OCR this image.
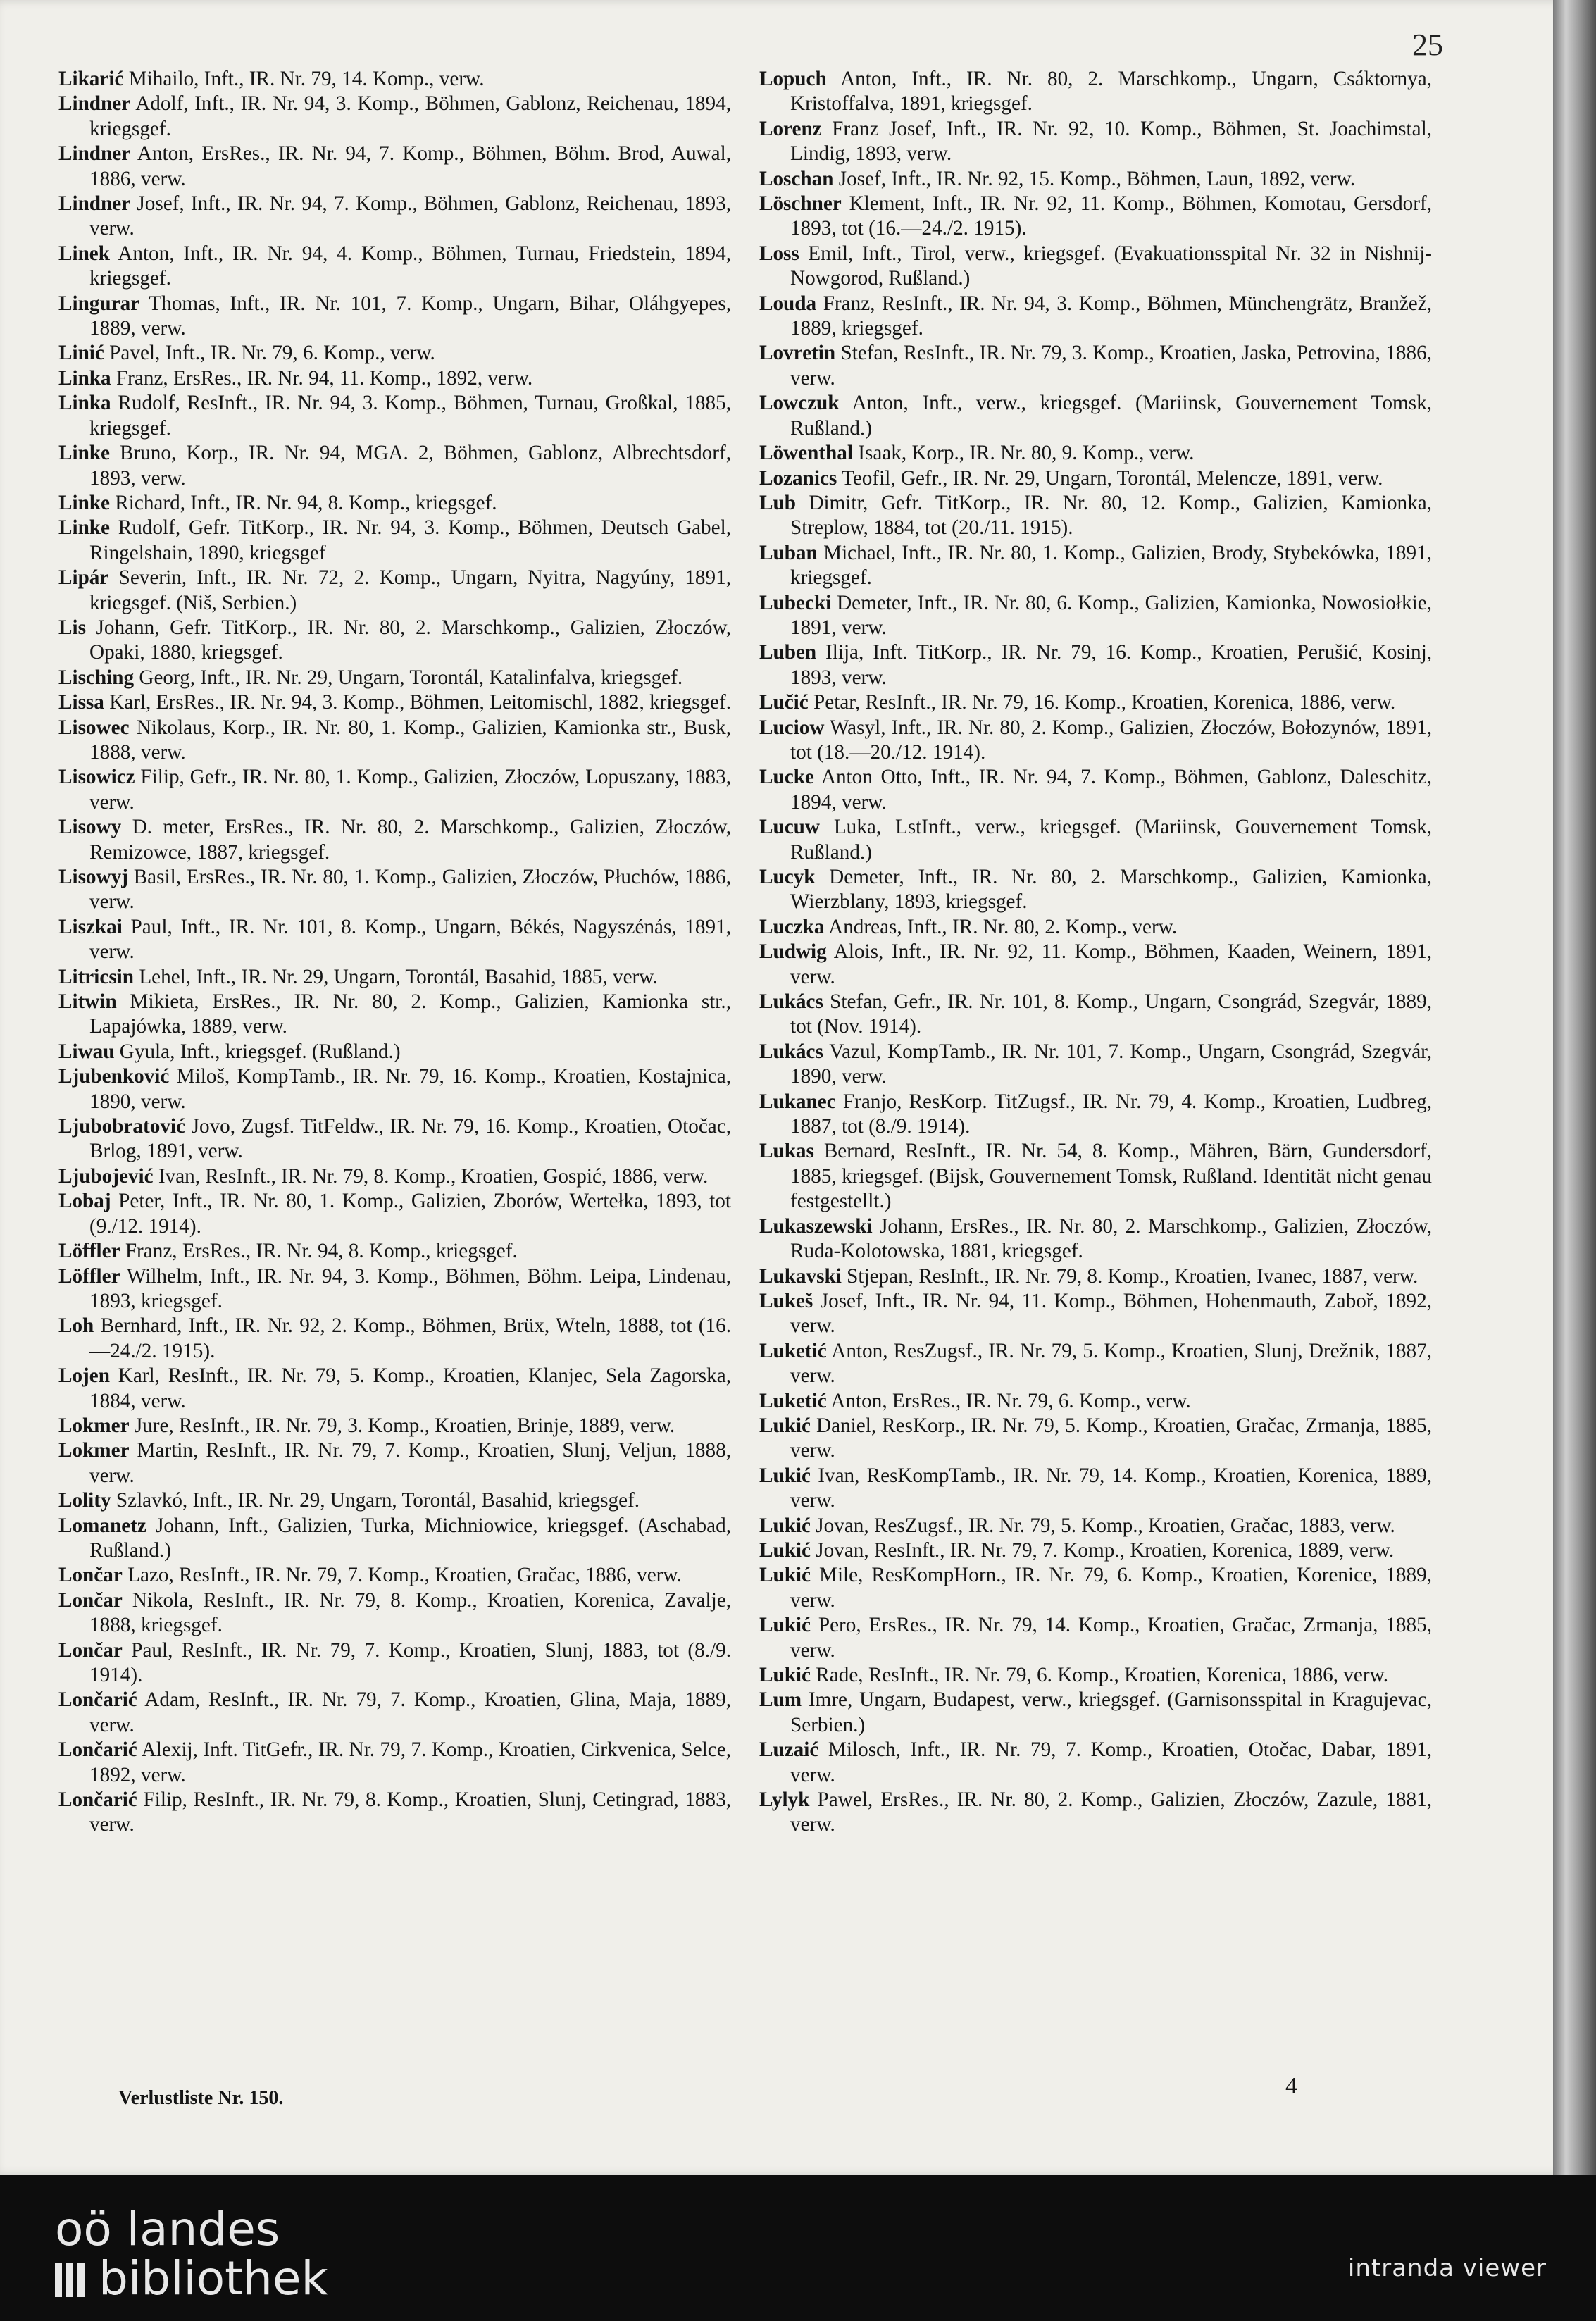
25
Likarić Mihailo, Inft., IR. Nr. 79, 14. Komp., verw.
Lindner Adolf, Inft., IR. Nr. 94, 3. Komp., Böhmen, Gablonz, Reichenau, 1894, kriegsgef.
Lindner Anton, ErsRes., IR. Nr. 94, 7. Komp., Böhmen, Böhm. Brod, Auwal, 1886, verw.
Lindner Josef, Inft., IR. Nr. 94, 7. Komp., Böhmen, Gablonz, Reichenau, 1893, verw.
Linek Anton, Inft., IR. Nr. 94, 4. Komp., Böhmen, Turnau, Friedstein, 1894, kriegsgef.
Lingurar Thomas, Inft., IR. Nr. 101, 7. Komp., Ungarn, Bihar, Oláhgyepes, 1889, verw.
Linić Pavel, Inft., IR. Nr. 79, 6. Komp., verw.
Linka Franz, ErsRes., IR. Nr. 94, 11. Komp., 1892, verw.
Linka Rudolf, ResInft., IR. Nr. 94, 3. Komp., Böhmen, Turnau, Großkal, 1885, kriegsgef.
Linke Bruno, Korp., IR. Nr. 94, MGA. 2, Böhmen, Gablonz, Albrechtsdorf, 1893, verw.
Linke Richard, Inft., IR. Nr. 94, 8. Komp., kriegsgef.
Linke Rudolf, Gefr. TitKorp., IR. Nr. 94, 3. Komp., Böhmen, Deutsch Gabel, Ringelshain, 1890, kriegsgef
Lipár Severin, Inft., IR. Nr. 72, 2. Komp., Ungarn, Nyitra, Nagyúny, 1891, kriegsgef. (Niš, Serbien.)
Lis Johann, Gefr. TitKorp., IR. Nr. 80, 2. Marschkomp., Galizien, Złoczów, Opaki, 1880, kriegsgef.
Lisching Georg, Inft., IR. Nr. 29, Ungarn, Torontál, Katalinfalva, kriegsgef.
Lissa Karl, ErsRes., IR. Nr. 94, 3. Komp., Böhmen, Leitomischl, 1882, kriegsgef.
Lisowec Nikolaus, Korp., IR. Nr. 80, 1. Komp., Galizien, Kamionka str., Busk, 1888, verw.
Lisowicz Filip, Gefr., IR. Nr. 80, 1. Komp., Galizien, Złoczów, Lopuszany, 1883, verw.
Lisowy D. meter, ErsRes., IR. Nr. 80, 2. Marschkomp., Galizien, Złoczów, Remizowce, 1887, kriegsgef.
Lisowyj Basil, ErsRes., IR. Nr. 80, 1. Komp., Galizien, Złoczów, Płuchów, 1886, verw.
Liszkai Paul, Inft., IR. Nr. 101, 8. Komp., Ungarn, Békés, Nagyszénás, 1891, verw.
Litricsin Lehel, Inft., IR. Nr. 29, Ungarn, Torontál, Basahid, 1885, verw.
Litwin Mikieta, ErsRes., IR. Nr. 80, 2. Komp., Galizien, Kamionka str., Lapajówka, 1889, verw.
Liwau Gyula, Inft., kriegsgef. (Rußland.)
Ljubenković Miloš, KompTamb., IR. Nr. 79, 16. Komp., Kroatien, Kostajnica, 1890, verw.
Ljubobratović Jovo, Zugsf. TitFeldw., IR. Nr. 79, 16. Komp., Kroatien, Otočac, Brlog, 1891, verw.
Ljubojević Ivan, ResInft., IR. Nr. 79, 8. Komp., Kroatien, Gospić, 1886, verw.
Lobaj Peter, Inft., IR. Nr. 80, 1. Komp., Galizien, Zborów, Wertełka, 1893, tot (9./12. 1914).
Löffler Franz, ErsRes., IR. Nr. 94, 8. Komp., kriegsgef.
Löffler Wilhelm, Inft., IR. Nr. 94, 3. Komp., Böhmen, Böhm. Leipa, Lindenau, 1893, kriegsgef.
Loh Bernhard, Inft., IR. Nr. 92, 2. Komp., Böhmen, Brüx, Wteln, 1888, tot (16.—24./2. 1915).
Lojen Karl, ResInft., IR. Nr. 79, 5. Komp., Kroatien, Klanjec, Sela Zagorska, 1884, verw.
Lokmer Jure, ResInft., IR. Nr. 79, 3. Komp., Kroatien, Brinje, 1889, verw.
Lokmer Martin, ResInft., IR. Nr. 79, 7. Komp., Kroatien, Slunj, Veljun, 1888, verw.
Lolity Szlavkó, Inft., IR. Nr. 29, Ungarn, Torontál, Basahid, kriegsgef.
Lomanetz Johann, Inft., Galizien, Turka, Michniowice, kriegsgef. (Aschabad, Rußland.)
Lončar Lazo, ResInft., IR. Nr. 79, 7. Komp., Kroatien, Gračac, 1886, verw.
Lončar Nikola, ResInft., IR. Nr. 79, 8. Komp., Kroatien, Korenica, Zavalje, 1888, kriegsgef.
Lončar Paul, ResInft., IR. Nr. 79, 7. Komp., Kroatien, Slunj, 1883, tot (8./9. 1914).
Lončarić Adam, ResInft., IR. Nr. 79, 7. Komp., Kroatien, Glina, Maja, 1889, verw.
Lončarić Alexij, Inft. TitGefr., IR. Nr. 79, 7. Komp., Kroatien, Cirkvenica, Selce, 1892, verw.
Lončarić Filip, ResInft., IR. Nr. 79, 8. Komp., Kroatien, Slunj, Cetingrad, 1883, verw.
Lopuch Anton, Inft., IR. Nr. 80, 2. Marschkomp., Ungarn, Csáktornya, Kristoffalva, 1891, kriegsgef.
Lorenz Franz Josef, Inft., IR. Nr. 92, 10. Komp., Böhmen, St. Joachimstal, Lindig, 1893, verw.
Loschan Josef, Inft., IR. Nr. 92, 15. Komp., Böhmen, Laun, 1892, verw.
Löschner Klement, Inft., IR. Nr. 92, 11. Komp., Böhmen, Komotau, Gersdorf, 1893, tot (16.—24./2. 1915).
Loss Emil, Inft., Tirol, verw., kriegsgef. (Evakuationsspital Nr. 32 in Nishnij-Nowgorod, Rußland.)
Louda Franz, ResInft., IR. Nr. 94, 3. Komp., Böhmen, Münchengrätz, Branžež, 1889, kriegsgef.
Lovretin Stefan, ResInft., IR. Nr. 79, 3. Komp., Kroatien, Jaska, Petrovina, 1886, verw.
Lowczuk Anton, Inft., verw., kriegsgef. (Mariinsk, Gouvernement Tomsk, Rußland.)
Löwenthal Isaak, Korp., IR. Nr. 80, 9. Komp., verw.
Lozanics Teofil, Gefr., IR. Nr. 29, Ungarn, Torontál, Melencze, 1891, verw.
Lub Dimitr, Gefr. TitKorp., IR. Nr. 80, 12. Komp., Galizien, Kamionka, Streplow, 1884, tot (20./11. 1915).
Luban Michael, Inft., IR. Nr. 80, 1. Komp., Galizien, Brody, Stybekówka, 1891, kriegsgef.
Lubecki Demeter, Inft., IR. Nr. 80, 6. Komp., Galizien, Kamionka, Nowosiołkie, 1891, verw.
Luben Ilija, Inft. TitKorp., IR. Nr. 79, 16. Komp., Kroatien, Perušić, Kosinj, 1893, verw.
Lučić Petar, ResInft., IR. Nr. 79, 16. Komp., Kroatien, Korenica, 1886, verw.
Luciow Wasyl, Inft., IR. Nr. 80, 2. Komp., Galizien, Złoczów, Bołozynów, 1891, tot (18.—20./12. 1914).
Lucke Anton Otto, Inft., IR. Nr. 94, 7. Komp., Böhmen, Gablonz, Daleschitz, 1894, verw.
Lucuw Luka, LstInft., verw., kriegsgef. (Mariinsk, Gouvernement Tomsk, Rußland.)
Lucyk Demeter, Inft., IR. Nr. 80, 2. Marschkomp., Galizien, Kamionka, Wierzblany, 1893, kriegsgef.
Luczka Andreas, Inft., IR. Nr. 80, 2. Komp., verw.
Ludwig Alois, Inft., IR. Nr. 92, 11. Komp., Böhmen, Kaaden, Weinern, 1891, verw.
Lukács Stefan, Gefr., IR. Nr. 101, 8. Komp., Ungarn, Csongrád, Szegvár, 1889, tot (Nov. 1914).
Lukács Vazul, KompTamb., IR. Nr. 101, 7. Komp., Ungarn, Csongrád, Szegvár, 1890, verw.
Lukanec Franjo, ResKorp. TitZugsf., IR. Nr. 79, 4. Komp., Kroatien, Ludbreg, 1887, tot (8./9. 1914).
Lukas Bernard, ResInft., IR. Nr. 54, 8. Komp., Mähren, Bärn, Gundersdorf, 1885, kriegsgef. (Bijsk, Gouvernement Tomsk, Rußland. Identität nicht genau festgestellt.)
Lukaszewski Johann, ErsRes., IR. Nr. 80, 2. Marschkomp., Galizien, Złoczów, Ruda-Kolotowska, 1881, kriegsgef.
Lukavski Stjepan, ResInft., IR. Nr. 79, 8. Komp., Kroatien, Ivanec, 1887, verw.
Lukeš Josef, Inft., IR. Nr. 94, 11. Komp., Böhmen, Hohenmauth, Zaboř, 1892, verw.
Luketić Anton, ResZugsf., IR. Nr. 79, 5. Komp., Kroatien, Slunj, Drežnik, 1887, verw.
Luketić Anton, ErsRes., IR. Nr. 79, 6. Komp., verw.
Lukić Daniel, ResKorp., IR. Nr. 79, 5. Komp., Kroatien, Gračac, Zrmanja, 1885, verw.
Lukić Ivan, ResKompTamb., IR. Nr. 79, 14. Komp., Kroatien, Korenica, 1889, verw.
Lukić Jovan, ResZugsf., IR. Nr. 79, 5. Komp., Kroatien, Gračac, 1883, verw.
Lukić Jovan, ResInft., IR. Nr. 79, 7. Komp., Kroatien, Korenica, 1889, verw.
Lukić Mile, ResKompHorn., IR. Nr. 79, 6. Komp., Kroatien, Korenice, 1889, verw.
Lukić Pero, ErsRes., IR. Nr. 79, 14. Komp., Kroatien, Gračac, Zrmanja, 1885, verw.
Lukić Rade, ResInft., IR. Nr. 79, 6. Komp., Kroatien, Korenica, 1886, verw.
Lum Imre, Ungarn, Budapest, verw., kriegsgef. (Garnisonsspital in Kragujevac, Serbien.)
Luzaić Milosch, Inft., IR. Nr. 79, 7. Komp., Kroatien, Otočac, Dabar, 1891, verw.
Lylyk Pawel, ErsRes., IR. Nr. 80, 2. Komp., Galizien, Złoczów, Zazule, 1881, verw.
Verlustliste Nr. 150.	4
oö landes
bibliothek	intranda viewer
